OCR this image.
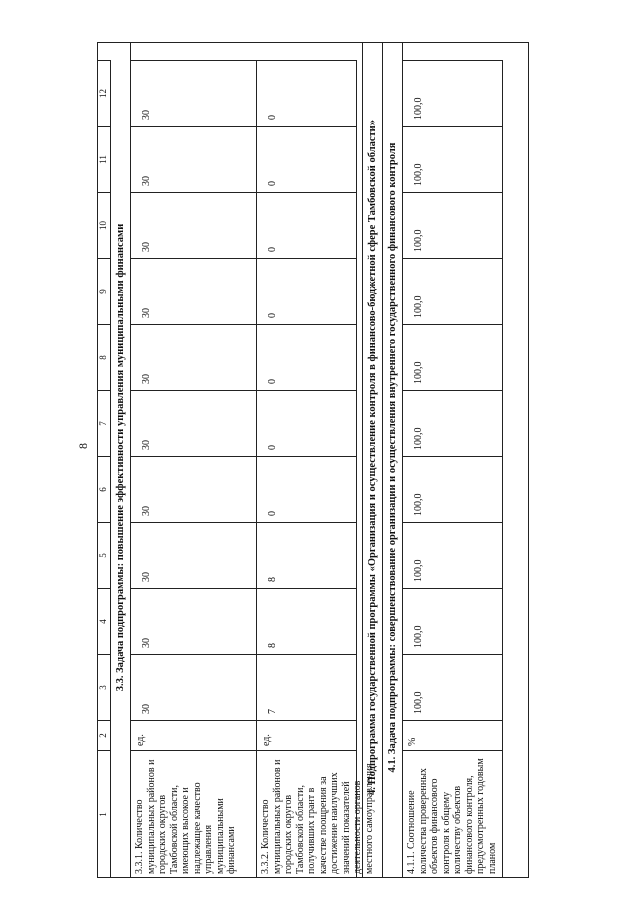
8
1
2
3
4
5
6
7
8
9
10
11
12
3.3. Задача подпрограммы: повышение эффективности управления муниципальными финансами
3.3.1. Количество муниципальных районов и городских округов Тамбовской области, имеющих высокое и надлежащее качество управления муниципальными финансами
ед.
30
30
30
30
30
30
30
30
30
30
3.3.2. Количество муниципальных районов и городских округов Тамбовской области, получивших грант в качестве поощрения за достижение наилучших значений показателей деятельности органов местного самоуправления
ед.
7
8
8
0
0
0
0
0
0
0
4. Подпрограмма государственной программы «Организация и осуществление контроля в финансово-бюджетной сфере Тамбовской области» 4.1. Задача подпрограммы: совершенствование организации и осуществления внутреннего государственного финансового контроля
4.1.1. Соотношение количества проверенных объектов финансового контроля к общему количеству объектов финансового контроля, предусмотренных годовым планом
%
100,0
100,0
100,0
100,0
100,0
100,0
100,0
100,0
100,0
100,0
